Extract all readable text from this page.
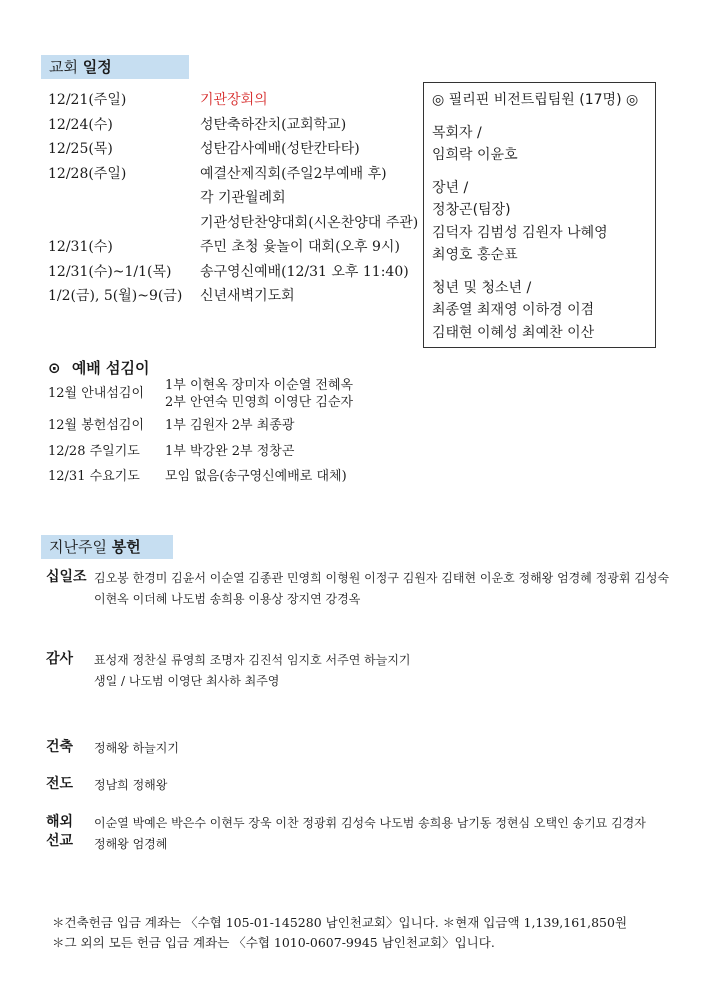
교회 일정
12/21(주일)	기관장회의
12/24(수)	성탄축하잔치(교회학교)
12/25(목)	성탄감사예배(성탄칸타타)
12/28(주일)	예결산제직회(주일2부예배 후)
각 기관월례회
기관성탄찬양대회(시온찬양대 주관)
12/31(수)	주민 초청 윷놀이 대회(오후 9시)
12/31(수)~1/1(목) 송구영신예배(12/31 오후 11:40)
1/2(금), 5(월)~9(금) 신년새벽기도회
◎ 필리핀 비전트립팀원 (17명) ◎
목회자 /
임희락 이윤호
장년 /
정창곤(팀장)
김덕자 김범성 김원자 나혜영
최영호 홍순표
청년 및 청소년 /
최종열 최재영 이하경 이겸
김태현 이혜성 최예찬 이산
⊙ 예배 섬김이
12월 안내섬김이
1부 이현옥 장미자 이순열 전혜옥
2부 안연숙 민영희 이영단 김순자
12월 봉헌섬김이 1부 김원자 2부 최종광
12/28 주일기도 1부 박강완 2부 정창곤
12/31 수요기도 모임 없음(송구영신예배로 대체)
지난주일 봉헌
십일조 김오봉 한경미 김윤서 이순열 김종관 민영희 이형원 이정구 김원자 김태현 이운호 정해왕 엄경혜 정광휘 김성숙
이현옥 이더혜 나도범 송희용 이용상 장지연 강경옥
감사	표성재 정찬실 류영희 조명자 김진석 임지호 서주연 하늘지기
생일 / 나도범 이영단 최사하 최주영
건축	정해왕 하늘지기
전도	정남희 정해왕
해외
선교
이순열 박예은 박은수 이현두 장욱 이찬 정광휘 김성숙 나도범 송희용 남기동 정현심 오택인 송기묘 김경자
정해왕 엄경혜
＊건축헌금 입금 계좌는 〈수협 105-01-145280 남인천교회〉입니다. ＊현재 입금액 1,139,161,850원
＊그 외의 모든 헌금 입금 계좌는 〈수협 1010-0607-9945 남인천교회〉입니다.
